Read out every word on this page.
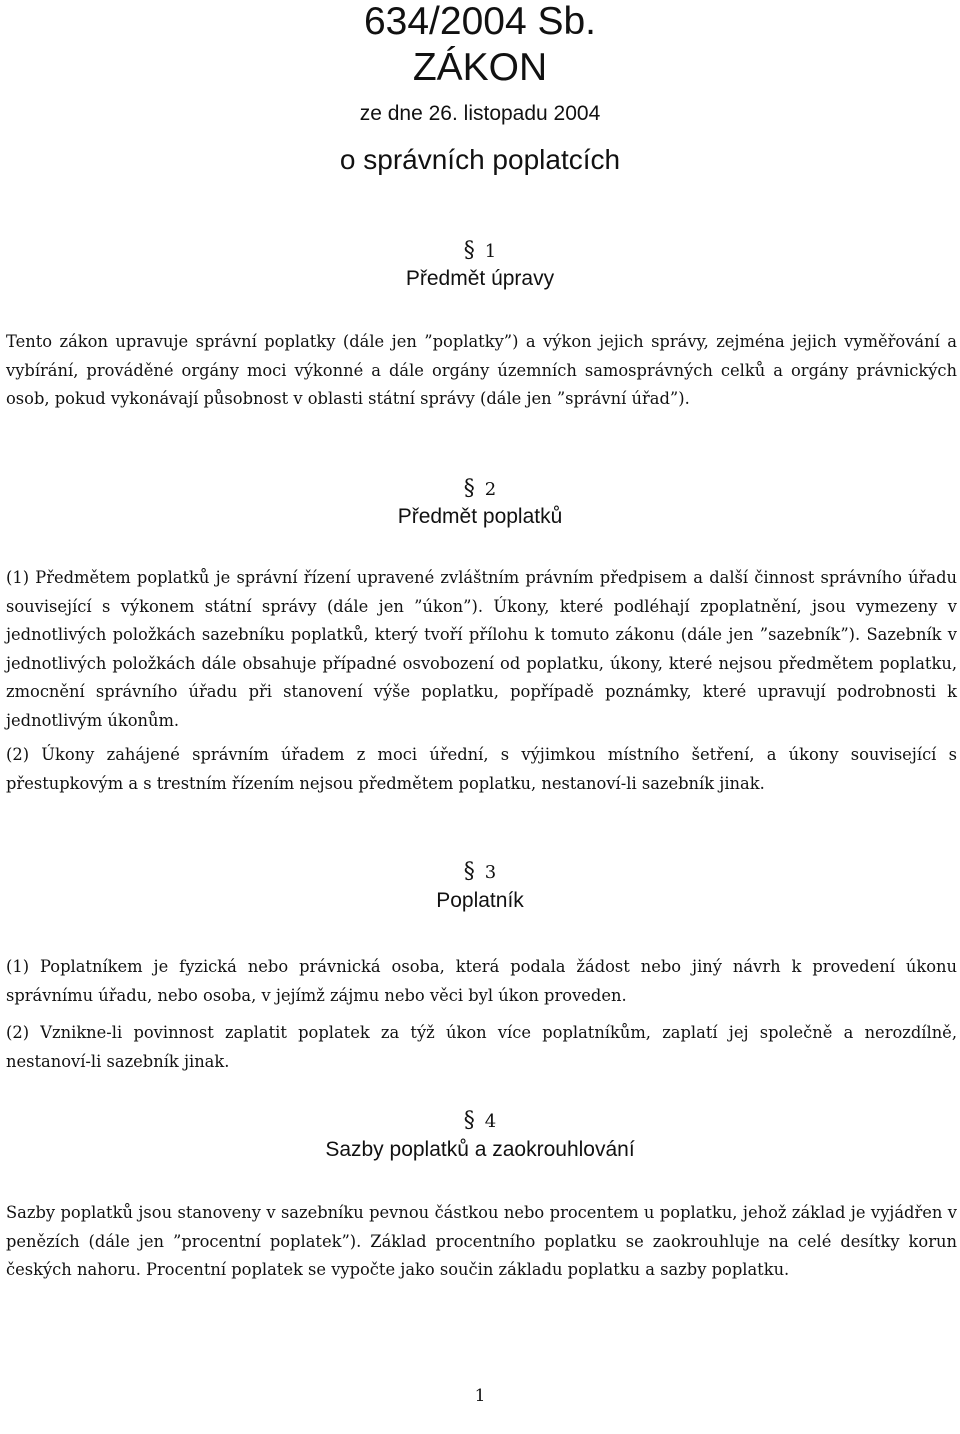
634/2004 Sb.
ZÁKON
ze dne 26. listopadu 2004
o správních poplatcích
§ 1
Předmět úpravy

Tento zákon upravuje správní poplatky (dále jen ”poplatky”) a výkon jejich správy, zejména jejich vyměřování a vybírání, prováděné orgány moci výkonné a dále orgány územních samosprávných celků a orgány právnických osob, pokud vykonávají působnost v oblasti státní správy (dále jen ”správní úřad”).

§ 2
Předmět poplatků

(1) Předmětem poplatků je správní řízení upravené zvláštním právním předpisem a další činnost správního úřadu související s výkonem státní správy (dále jen ”úkon”). Úkony, které podléhají zpoplatnění, jsou vymezeny v jednotlivých položkách sazebníku poplatků, který tvoří přílohu k tomuto zákonu (dále jen ”sazebník”). Sazebník v jednotlivých položkách dále obsahuje případné osvobození od poplatku, úkony, které nejsou předmětem poplatku, zmocnění správního úřadu při stanovení výše poplatku, popřípadě poznámky, které upravují podrobnosti k jednotlivým úkonům.

(2) Úkony zahájené správním úřadem z moci úřední, s výjimkou místního šetření, a úkony související s přestupkovým a s trestním řízením nejsou předmětem poplatku, nestanoví-li sazebník jinak.

§ 3
Poplatník

(1) Poplatníkem je fyzická nebo právnická osoba, která podala žádost nebo jiný návrh k provedení úkonu správnímu úřadu, nebo osoba, v jejímž zájmu nebo věci byl úkon proveden.

(2) Vznikne-li povinnost zaplatit poplatek za týž úkon více poplatníkům, zaplatí jej společně a nerozdílně, nestanoví-li sazebník jinak.

§ 4
Sazby poplatků a zaokrouhlování

Sazby poplatků jsou stanoveny v sazebníku pevnou částkou nebo procentem u poplatku, jehož základ je vyjádřen v penězích (dále jen ”procentní poplatek”). Základ procentního poplatku se zaokrouhluje na celé desítky korun českých nahoru. Procentní poplatek se vypočte jako součin základu poplatku a sazby poplatku.

1
